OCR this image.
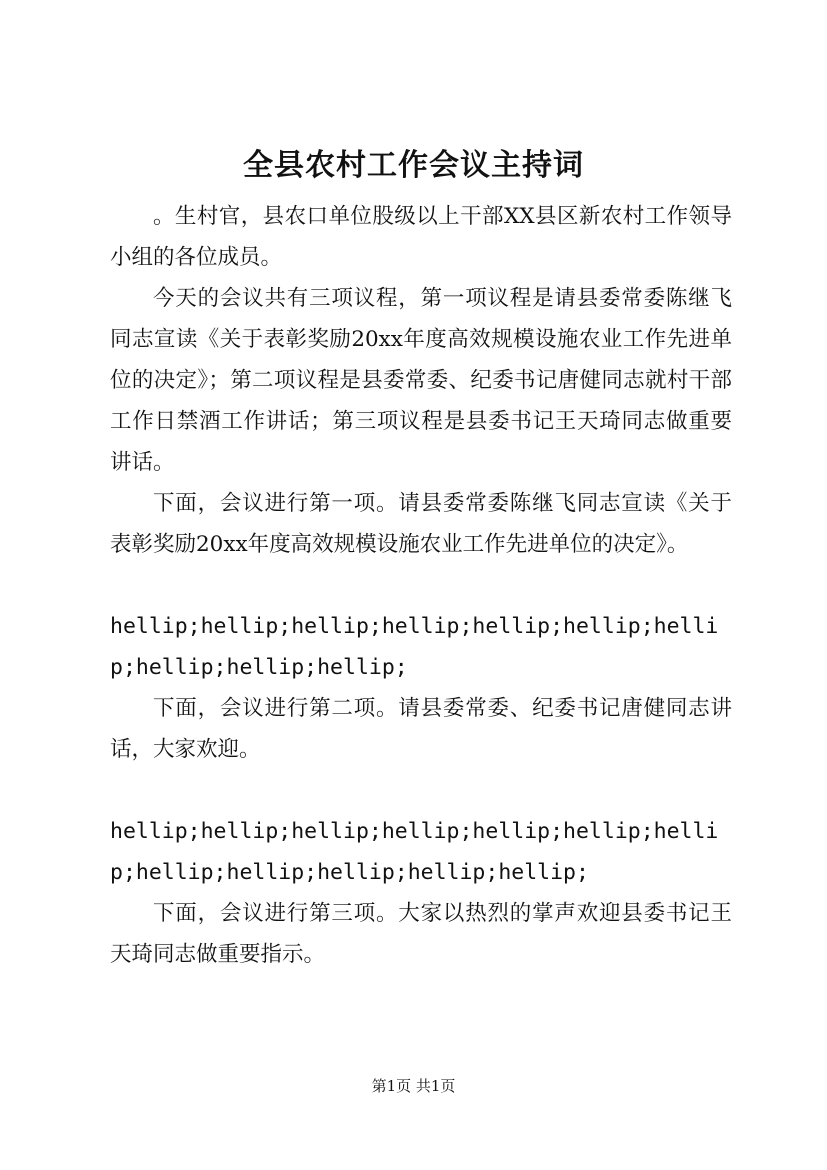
全县农村工作会议主持词

。生村官，县农口单位股级以上干部XX县区新农村工作领导小组的各位成员。

今天的会议共有三项议程，第一项议程是请县委常委陈继飞同志宣读《关于表彰奖励20xx年度高效规模设施农业工作先进单位的决定》；第二项议程是县委常委、纪委书记唐健同志就村干部工作日禁酒工作讲话；第三项议程是县委书记王天琦同志做重要讲话。

下面，会议进行第一项。请县委常委陈继飞同志宣读《关于表彰奖励20xx年度高效规模设施农业工作先进单位的决定》。

hellip;hellip;hellip;hellip;hellip;hellip;hellip;hellip;hellip;hellip;

下面，会议进行第二项。请县委常委、纪委书记唐健同志讲话，大家欢迎。

hellip;hellip;hellip;hellip;hellip;hellip;hellip;hellip;hellip;hellip;hellip;hellip;

下面，会议进行第三项。大家以热烈的掌声欢迎县委书记王天琦同志做重要指示。

第1页 共1页
